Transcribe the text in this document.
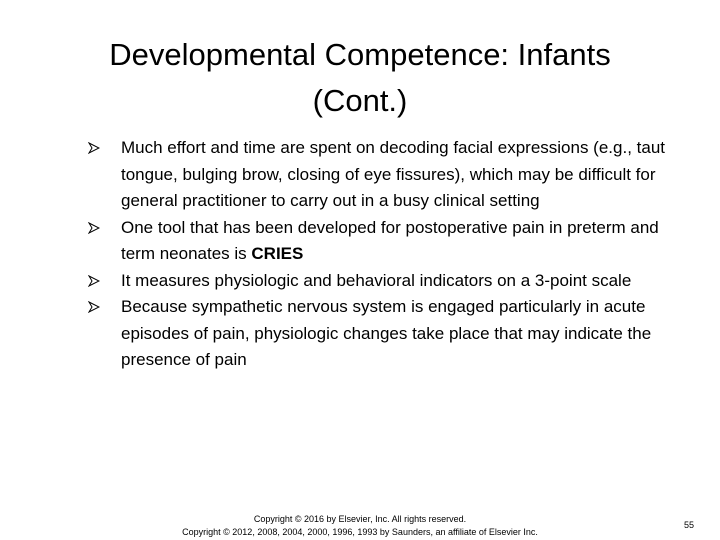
Developmental Competence: Infants
(Cont.)
Much effort and time are spent on decoding facial expressions (e.g., taut tongue, bulging brow, closing of eye fissures), which may be difficult for general practitioner to carry out in a busy clinical setting
One tool that has been developed for postoperative pain in preterm and term neonates is CRIES
It measures physiologic and behavioral indicators on a 3-point scale
Because sympathetic nervous system is engaged particularly in acute episodes of pain, physiologic changes take place that may indicate the presence of pain
Copyright © 2016 by Elsevier, Inc. All rights reserved.
Copyright © 2012, 2008, 2004, 2000, 1996, 1993 by Saunders, an affiliate of Elsevier Inc.
55
